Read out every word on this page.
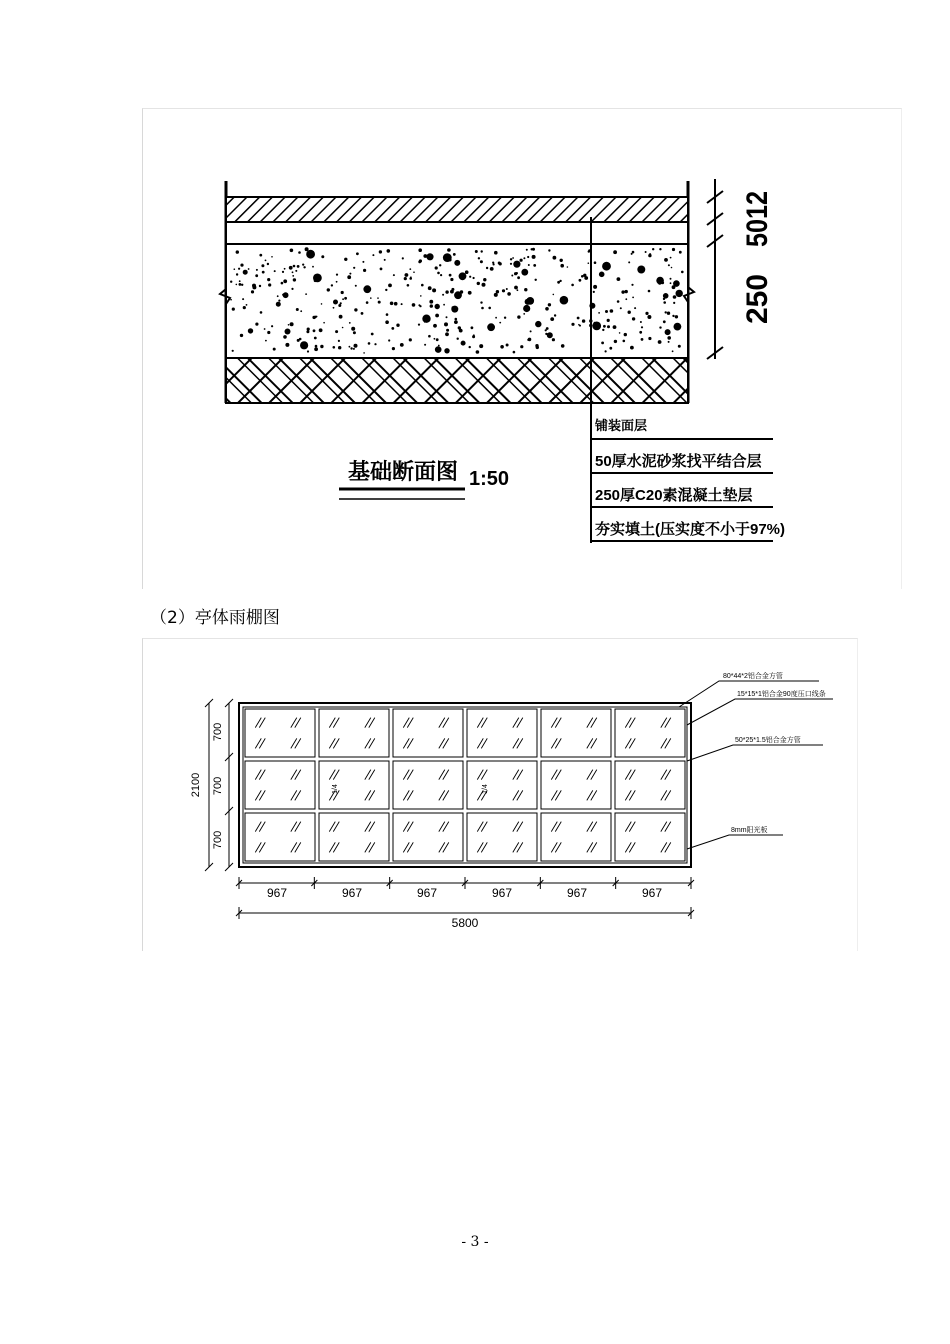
12
50
250
铺装面层
50厚水泥砂浆找平结合层
250厚C20素混凝土垫层
夯实填土(压实度不小于97%)
基础断面图 1:50
（2）亭体雨棚图
2100
700
700
700
967	967	967	967	967	967
5800
80*44*2铝合金方管
15*15*1铝合金90度压口线条
50*25*1.5铝合金方管
8mm阳光板
1/4	1/4
- 3 -
